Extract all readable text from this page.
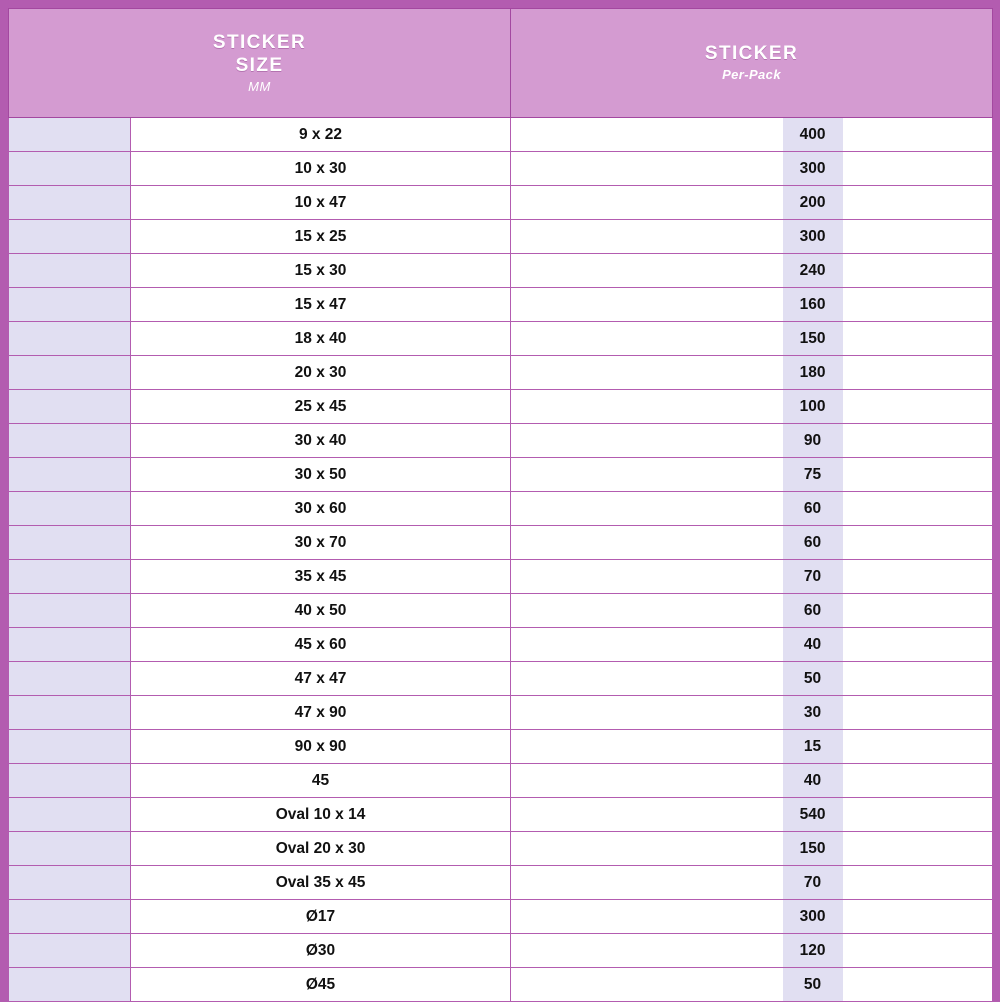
STICKER
SIZE
MM

STICKER
Per-Pack

	9 x 22		400	
	10 x 30		300	
	10 x 47		200	
	15 x 25		300	
	15 x 30		240	
	15 x 47		160	
	18 x 40		150	
	20 x 30		180	
	25 x 45		100	
	30 x 40		90	
	30 x 50		75	
	30 x 60		60	
	30 x 70		60	
	35 x 45		70	
	40 x 50		60	
	45 x 60		40	
	47 x 47		50	
	47 x 90		30	
	90 x 90		15	
	45		40	
	Oval 10 x 14		540	
	Oval 20 x 30		150	
	Oval 35 x 45		70	
	Ø17		300	
	Ø30		120	
	Ø45		50	
